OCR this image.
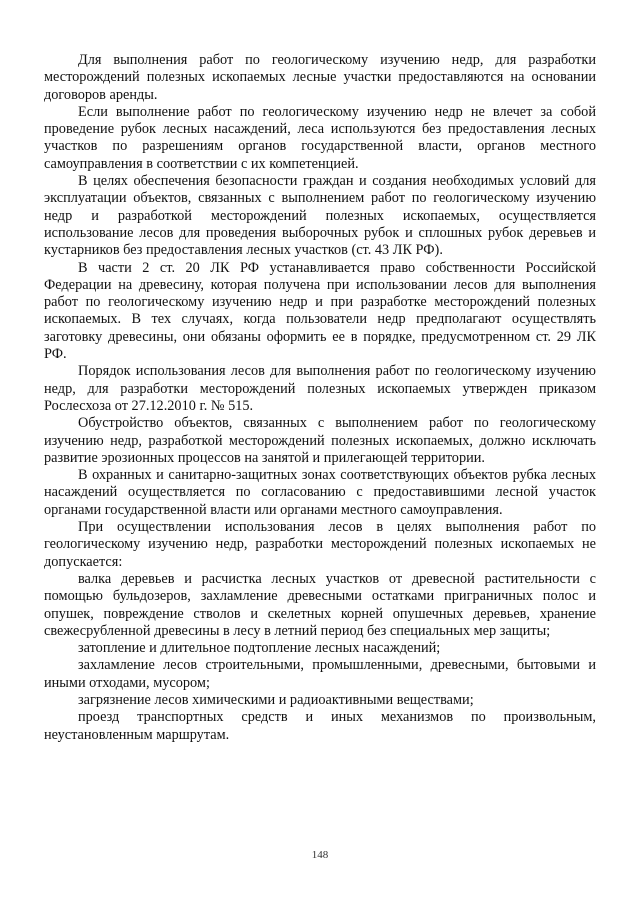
Для выполнения работ по геологическому изучению недр, для разработки месторождений полезных ископаемых лесные участки предоставляются на основании договоров аренды.

Если выполнение работ по геологическому изучению недр не влечет за собой проведение рубок лесных насаждений, леса используются без предоставления лесных участков по разрешениям органов государственной власти, органов местного самоуправления в соответствии с их компетенцией.

В целях обеспечения безопасности граждан и создания необходимых условий для эксплуатации объектов, связанных с выполнением работ по геологическому изучению недр и разработкой месторождений полезных ископаемых, осуществляется использование лесов для проведения выборочных рубок и сплошных рубок деревьев и кустарников без предоставления лесных участков (ст. 43 ЛК РФ).

В части 2 ст. 20 ЛК РФ устанавливается право собственности Российской Федерации на древесину, которая получена при использовании лесов для выполнения работ по геологическому изучению недр и при разработке месторождений полезных ископаемых. В тех случаях, когда пользователи недр предполагают осуществлять заготовку древесины, они обязаны оформить ее в порядке, предусмотренном ст. 29 ЛК РФ.

Порядок использования лесов для выполнения работ по геологическому изучению недр, для разработки месторождений полезных ископаемых утвержден приказом Рослесхоза от 27.12.2010 г. № 515.

Обустройство объектов, связанных с выполнением работ по геологическому изучению недр, разработкой месторождений полезных ископаемых, должно исключать развитие эрозионных процессов на занятой и прилегающей территории.

В охранных и санитарно-защитных зонах соответствующих объектов рубка лесных насаждений осуществляется по согласованию с предоставившими лесной участок органами государственной власти или органами местного самоуправления.

При осуществлении использования лесов в целях выполнения работ по геологическому изучению недр, разработки месторождений полезных ископаемых не допускается:

валка деревьев и расчистка лесных участков от древесной растительности с помощью бульдозеров, захламление древесными остатками приграничных полос и опушек, повреждение стволов и скелетных корней опушечных деревьев, хранение свежесрубленной древесины в лесу в летний период без специальных мер защиты;

затопление и длительное подтопление лесных насаждений;

захламление лесов строительными, промышленными, древесными, бытовыми и иными отходами, мусором;

загрязнение лесов химическими и радиоактивными веществами;

проезд транспортных средств и иных механизмов по произвольным, неустановленным маршрутам.

148
